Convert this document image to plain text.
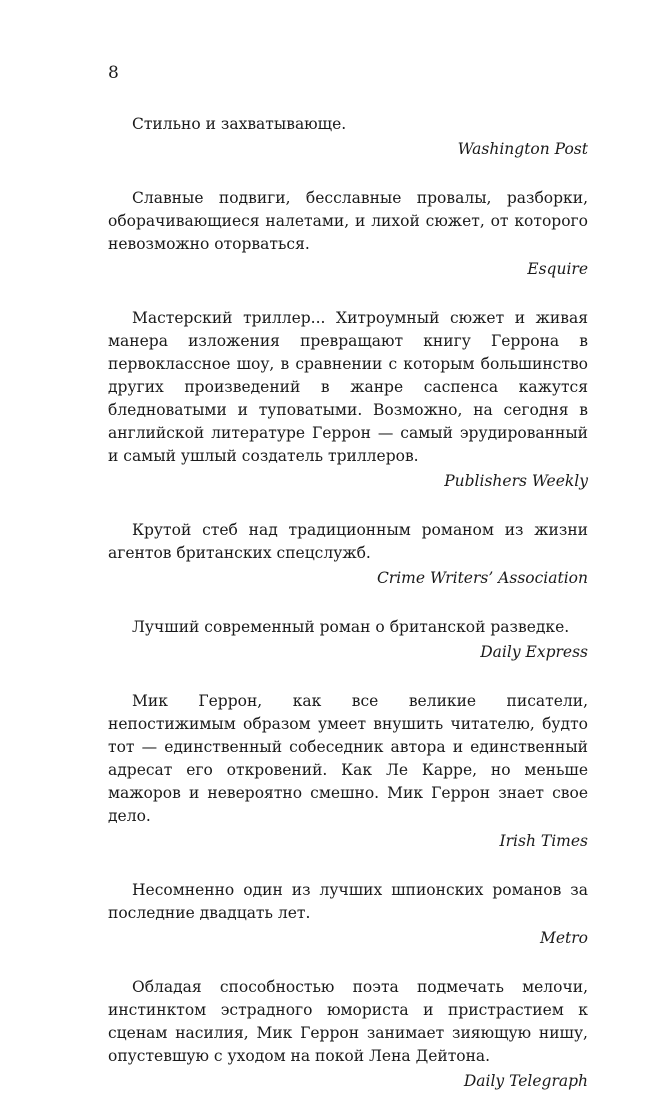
8

Стильно и захватывающе.

Washington Post

Славные подвиги, бесславные провалы, разборки, оборачивающиеся налетами, и лихой сюжет, от которого невозможно оторваться.

Esquire

Мастерский триллер... Хитроумный сюжет и живая манера изложения превращают книгу Геррона в первоклассное шоу, в сравнении с которым большинство других произведений в жанре саспенса кажутся бледноватыми и туповатыми. Возможно, на сегодня в английской литературе Геррон — самый эрудированный и самый ушлый создатель триллеров.

Publishers Weekly

Крутой стеб над традиционным романом из жизни агентов британских спецслужб.

Crime Writers’ Association

Лучший современный роман о британской разведке.

Daily Express

Мик Геррон, как все великие писатели, непостижимым образом умеет внушить читателю, будто тот — единственный собеседник автора и единственный адресат его откровений. Как Ле Карре, но меньше мажоров и невероятно смешно. Мик Геррон знает свое дело.

Irish Times

Несомненно один из лучших шпионских романов за последние двадцать лет.

Metro

Обладая способностью поэта подмечать мелочи, инстинктом эстрадного юмориста и пристрастием к сценам насилия, Мик Геррон занимает зияющую нишу, опустевшую с уходом на покой Лена Дейтона.

Daily Telegraph
